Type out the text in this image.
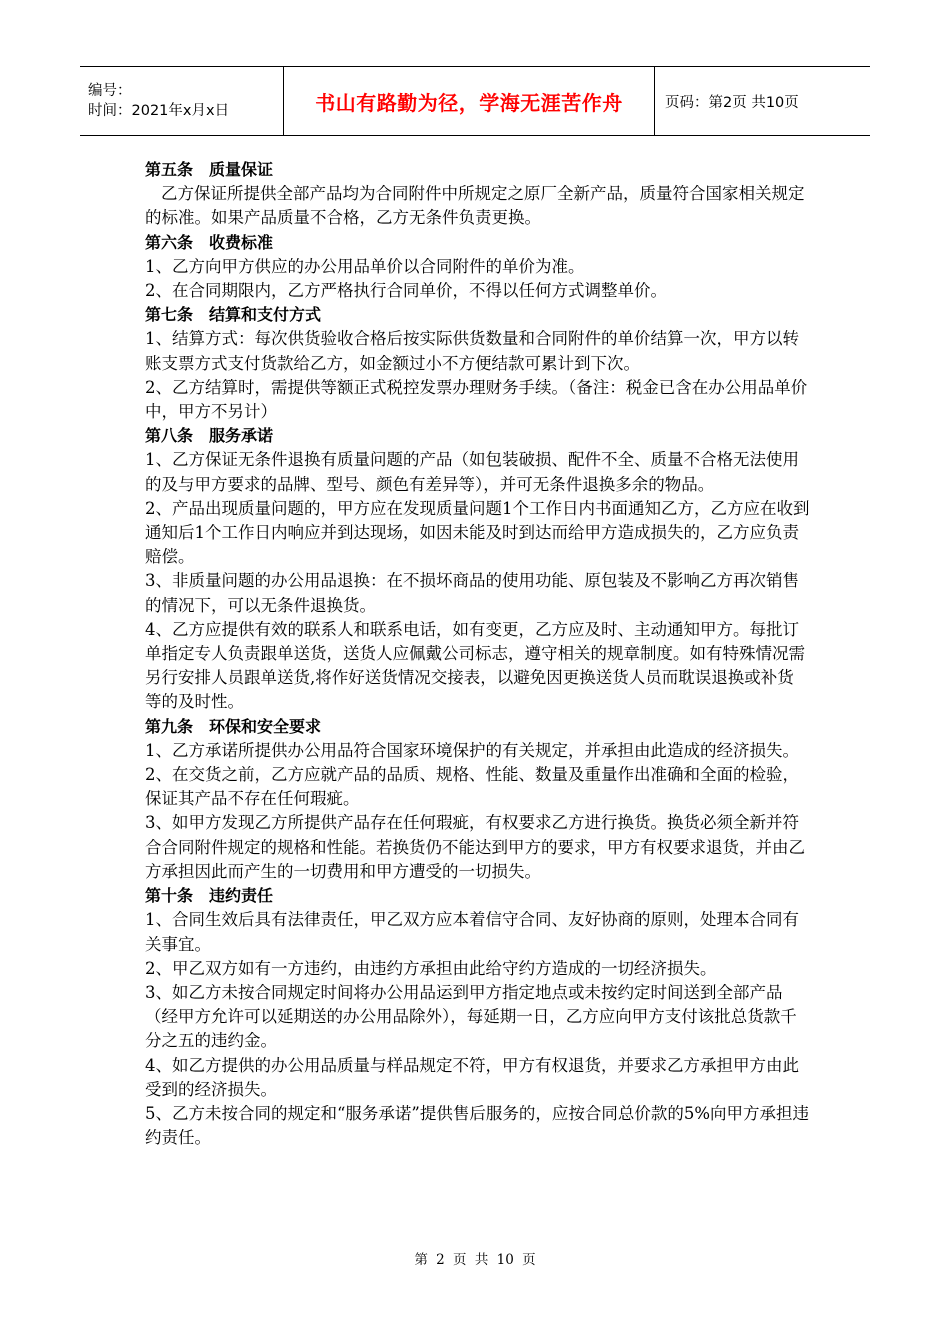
编号：
时间：2021年x月x日	书山有路勤为径，学海无涯苦作舟	页码：第2页 共10页

第五条　质量保证

乙方保证所提供全部产品均为合同附件中所规定之原厂全新产品，质量符合国家相关规定的标准。如果产品质量不合格，乙方无条件负责更换。

第六条　收费标准

1、乙方向甲方供应的办公用品单价以合同附件的单价为准。

2、在合同期限内，乙方严格执行合同单价，不得以任何方式调整单价。

第七条　结算和支付方式

1、结算方式：每次供货验收合格后按实际供货数量和合同附件的单价结算一次，甲方以转账支票方式支付货款给乙方，如金额过小不方便结款可累计到下次。

2、乙方结算时，需提供等额正式税控发票办理财务手续。（备注：税金已含在办公用品单价中，甲方不另计）

第八条　服务承诺

1、乙方保证无条件退换有质量问题的产品（如包装破损、配件不全、质量不合格无法使用的及与甲方要求的品牌、型号、颜色有差异等），并可无条件退换多余的物品。

2、产品出现质量问题的，甲方应在发现质量问题1个工作日内书面通知乙方，乙方应在收到通知后1个工作日内响应并到达现场，如因未能及时到达而给甲方造成损失的，乙方应负责赔偿。

3、非质量问题的办公用品退换：在不损坏商品的使用功能、原包装及不影响乙方再次销售的情况下，可以无条件退换货。

4、乙方应提供有效的联系人和联系电话，如有变更，乙方应及时、主动通知甲方。每批订单指定专人负责跟单送货，送货人应佩戴公司标志，遵守相关的规章制度。如有特殊情况需另行安排人员跟单送货,将作好送货情况交接表，以避免因更换送货人员而耽误退换或补货等的及时性。

第九条　环保和安全要求

1、乙方承诺所提供办公用品符合国家环境保护的有关规定，并承担由此造成的经济损失。

2、在交货之前，乙方应就产品的品质、规格、性能、数量及重量作出准确和全面的检验，保证其产品不存在任何瑕疵。

3、如甲方发现乙方所提供产品存在任何瑕疵，有权要求乙方进行换货。换货必须全新并符合合同附件规定的规格和性能。若换货仍不能达到甲方的要求，甲方有权要求退货，并由乙方承担因此而产生的一切费用和甲方遭受的一切损失。

第十条　违约责任

1、合同生效后具有法律责任，甲乙双方应本着信守合同、友好协商的原则，处理本合同有关事宜。

2、甲乙双方如有一方违约，由违约方承担由此给守约方造成的一切经济损失。

3、如乙方未按合同规定时间将办公用品运到甲方指定地点或未按约定时间送到全部产品（经甲方允许可以延期送的办公用品除外），每延期一日，乙方应向甲方支付该批总货款千分之五的违约金。

4、如乙方提供的办公用品质量与样品规定不符，甲方有权退货，并要求乙方承担甲方由此受到的经济损失。

5、乙方未按合同的规定和“服务承诺”提供售后服务的，应按合同总价款的5%向甲方承担违约责任。

第 2 页 共 10 页
